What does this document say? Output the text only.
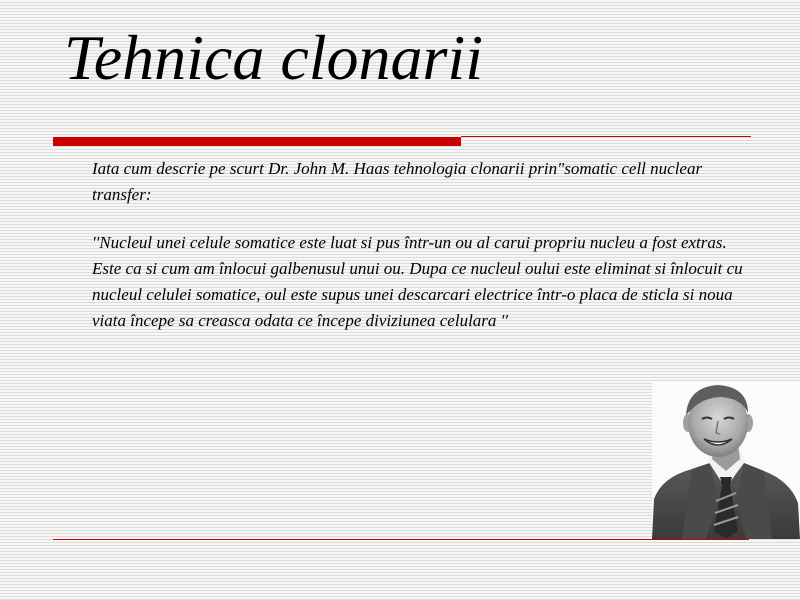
Tehnica clonarii

Iata cum descrie pe scurt Dr. John M. Haas tehnologia clonarii prin"somatic cell nuclear transfer:

''Nucleul unei celule somatice este luat si pus într-un ou al carui propriu nucleu a fost extras. Este ca si cum am înlocui galbenusul unui ou. Dupa ce nucleul oului este eliminat si înlocuit cu nucleul celulei somatice, oul este supus unei descarcari electrice într-o placa de sticla si noua viata începe sa creasca odata ce începe diviziunea celulara ''
